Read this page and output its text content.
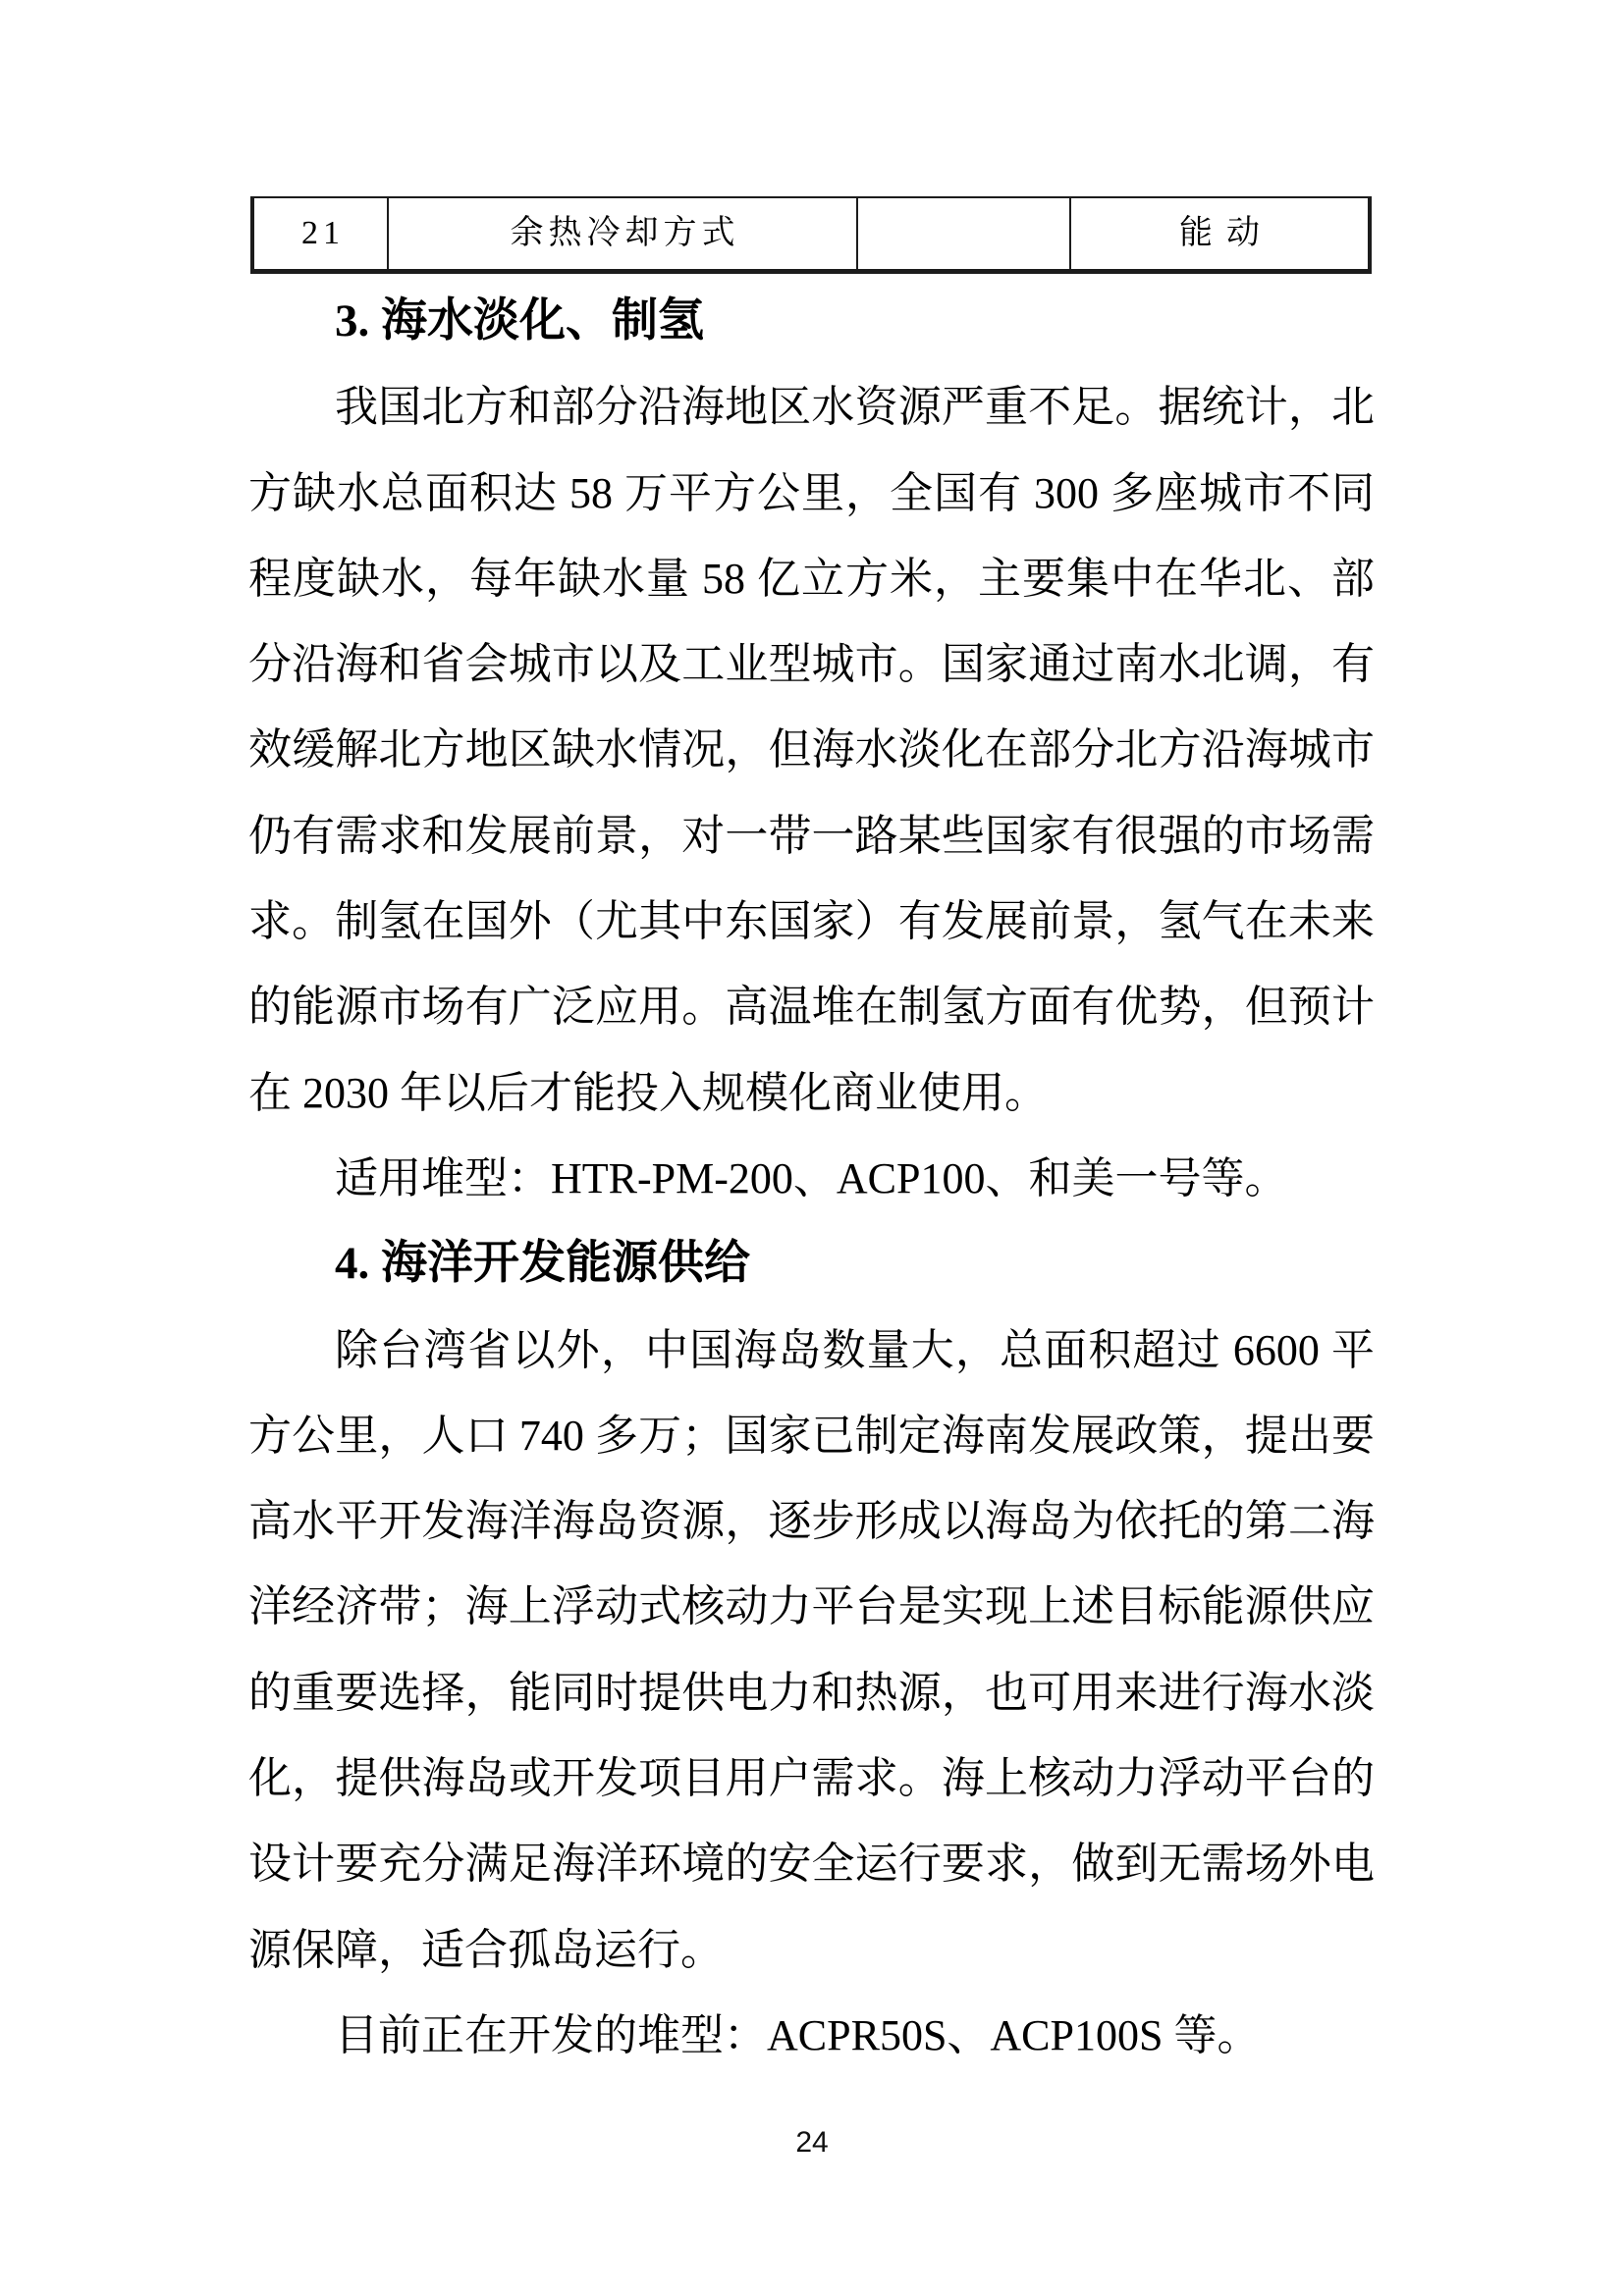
21	余热冷却方式	能动
3. 海水淡化、制氢
我国北方和部分沿海地区水资源严重不足。据统计，北
方缺水总面积达 58 万平方公里，全国有 300 多座城市不同
程度缺水，每年缺水量 58 亿立方米，主要集中在华北、部
分沿海和省会城市以及工业型城市。国家通过南水北调，有
效缓解北方地区缺水情况，但海水淡化在部分北方沿海城市
仍有需求和发展前景，对一带一路某些国家有很强的市场需
求。制氢在国外（尤其中东国家）有发展前景，氢气在未来
的能源市场有广泛应用。高温堆在制氢方面有优势，但预计
在 2030 年以后才能投入规模化商业使用。
适用堆型：HTR-PM-200、ACP100、和美一号等。
4. 海洋开发能源供给
除台湾省以外，中国海岛数量大，总面积超过 6600 平
方公里，人口 740 多万；国家已制定海南发展政策，提出要
高水平开发海洋海岛资源，逐步形成以海岛为依托的第二海
洋经济带；海上浮动式核动力平台是实现上述目标能源供应
的重要选择，能同时提供电力和热源，也可用来进行海水淡
化，提供海岛或开发项目用户需求。海上核动力浮动平台的
设计要充分满足海洋环境的安全运行要求，做到无需场外电
源保障，适合孤岛运行。
目前正在开发的堆型：ACPR50S、ACP100S 等。
24
